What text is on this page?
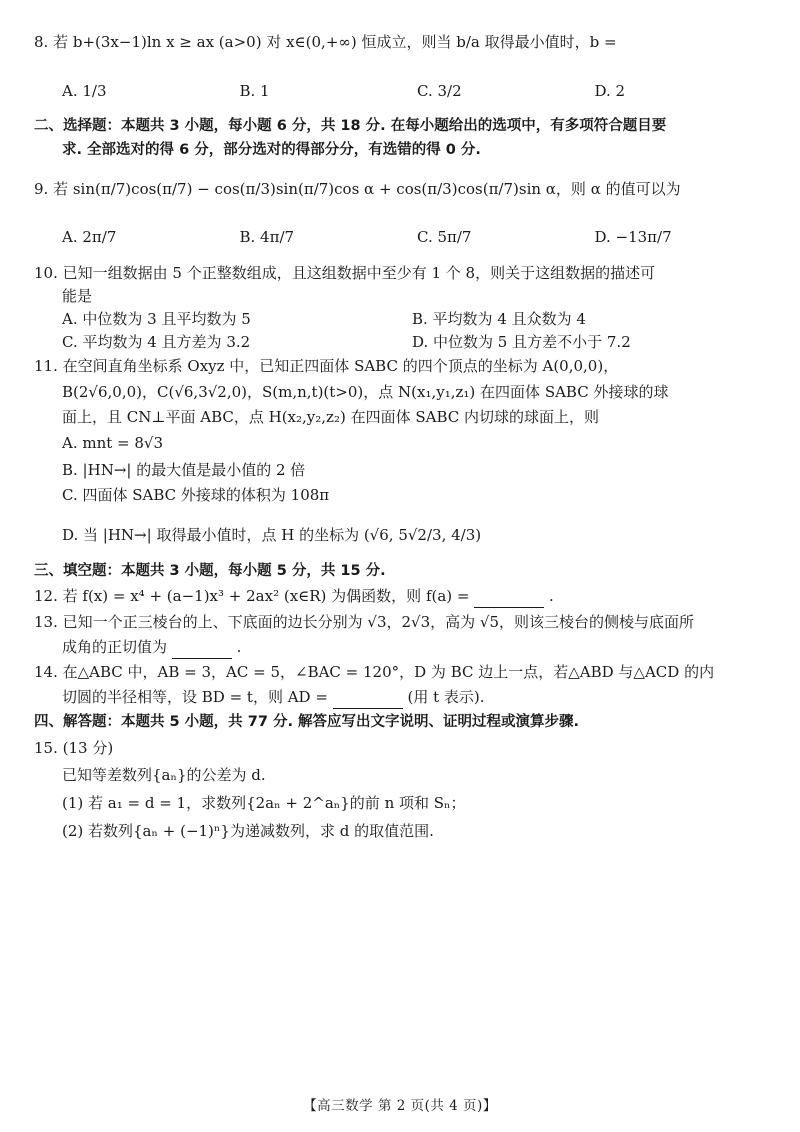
8. 若 b+(3x−1)ln x ≥ ax (a>0) 对 x∈(0,+∞) 恒成立，则当 b/a 取得最小值时，b =
A. 1/3	B. 1	C. 3/2	D. 2
二、选择题：本题共 3 小题，每小题 6 分，共 18 分. 在每小题给出的选项中，有多项符合题目要
求. 全部选对的得 6 分，部分选对的得部分分，有选错的得 0 分.
9. 若 sin(π/7)cos(π/7) − cos(π/3)sin(π/7)cos α + cos(π/3)cos(π/7)sin α，则 α 的值可以为
A. 2π/7	B. 4π/7	C. 5π/7	D. −13π/7
10. 已知一组数据由 5 个正整数组成，且这组数据中至少有 1 个 8，则关于这组数据的描述可
能是
A. 中位数为 3 且平均数为 5	B. 平均数为 4 且众数为 4
C. 平均数为 4 且方差为 3.2	D. 中位数为 5 且方差不小于 7.2
11. 在空间直角坐标系 Oxyz 中，已知正四面体 SABC 的四个顶点的坐标为 A(0,0,0)，
B(2√6,0,0)，C(√6,3√2,0)，S(m,n,t)(t>0)，点 N(x₁,y₁,z₁) 在四面体 SABC 外接球的球
面上，且 CN⊥平面 ABC，点 H(x₂,y₂,z₂) 在四面体 SABC 内切球的球面上，则
A. mnt = 8√3
B. |HN→| 的最大值是最小值的 2 倍
C. 四面体 SABC 外接球的体积为 108π
D. 当 |HN→| 取得最小值时，点 H 的坐标为 (√6, 5√2/3, 4/3)
三、填空题：本题共 3 小题，每小题 5 分，共 15 分.
12. 若 f(x) = x⁴ + (a−1)x³ + 2ax² (x∈R) 为偶函数，则 f(a) =	.
13. 已知一个正三棱台的上、下底面的边长分别为 √3，2√3，高为 √5，则该三棱台的侧棱与底面所
成角的正切值为	.
14. 在△ABC 中，AB = 3，AC = 5，∠BAC = 120°，D 为 BC 边上一点，若△ABD 与△ACD 的内
切圆的半径相等，设 BD = t，则 AD =	(用 t 表示).
四、解答题：本题共 5 小题，共 77 分. 解答应写出文字说明、证明过程或演算步骤.
15. (13 分)
已知等差数列{aₙ}的公差为 d.
(1) 若 a₁ = d = 1，求数列{2aₙ + 2^aₙ}的前 n 项和 Sₙ；
(2) 若数列{aₙ + (−1)ⁿ}为递减数列，求 d 的取值范围.
【高三数学 第 2 页(共 4 页)】
